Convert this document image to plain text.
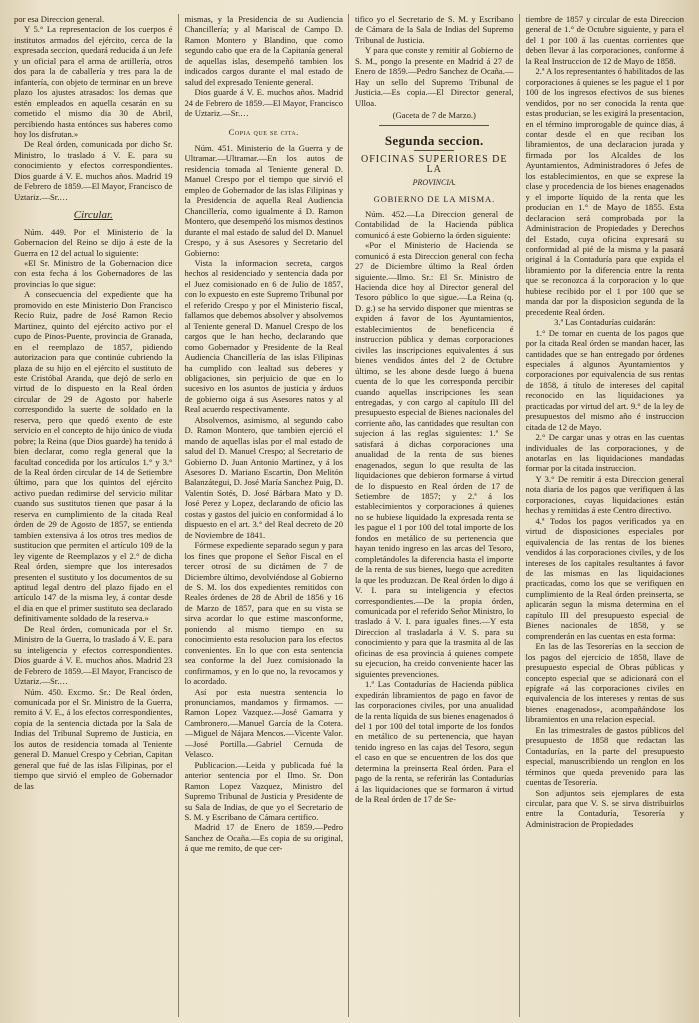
por esa Direccion general.

Y 5.° La representacion de los cuerpos é institutos armados del ejército, cerca de la expresada seccion, quedará reducida á un Jefe y un oficial para el arma de artillería, otros dos para la de caballería y tres para la de infantería, con objeto de terminar en un breve plazo los ajustes atrasados: los demas que estén empleados en aquella cesarán en su cometido el mismo dia 30 de Abril, percibiendo hasta entónces sus haberes como hoy los disfrutan.»

De Real órden, comunicada por dicho Sr. Ministro, lo traslado á V. E. para su conocimiento y efectos correspondientes. Dios guarde á V. E. muchos años. Madrid 19 de Febrero de 1859.—El Mayor, Francisco de Uztariz.—Sr.…

Circular.

Núm. 449. Por el Ministerio de la Gobernacion del Reino se dijo á este de la Guerra en 12 del actual lo siguiente:

«El Sr. Ministro de la Gobernacion dice con esta fecha á los Gobernadores de las provincias lo que sigue:

A consecuencia del expediente que ha promovido en este Ministerio Don Francisco Recio Ruiz, padre de José Ramon Recio Martinez, quinto del ejército activo por el cupo de Pinos-Puente, provincia de Granada, en el reemplazo de 1857, pidiendo autorizacion para que continúe cubriendo la plaza de su hijo en el ejército el sustituto de este Cristóbal Aranda, que dejó de serlo en virtud de lo dispuesto en la Real órden circular de 29 de Agosto por haberle correspondido la suerte de soldado en la reserva, pero que quedó exento de este servicio en el concepto de hijo único de viuda pobre; la Reina (que Dios guarde) ha tenido á bien declarar, como regla general que la facultad concedida por los artículos 1.° y 3.° de la Real órden circular de 14 de Setiembre último, para que los quintos del ejército activo puedan redimirse del servicio militar cuando sus sustitutos tienen que pasar á la reserva en cumplimiento de la citada Real órden de 29 de Agosto de 1857, se entienda tambien extensiva á los otros tres medios de sustitucion que permiten el artículo 109 de la ley vigente de Reemplazos y el 2.° de dicha Real órden, siempre que los interesados presenten el sustituto y los documentos de su aptitud legal dentro del plazo fijado en el artículo 147 de la misma ley, á contar desde el dia en que el primer sustituto sea declarado definitivamente soldado de la reserva.»

De Real órden, comunicada por el Sr. Ministro de la Guerra, lo traslado á V. E. para su inteligencia y efectos correspondientes. Dios guarde á V. E. muchos años. Madrid 23 de Febrero de 1859.—El Mayor, Francisco de Uztariz.—Sr.…

Núm. 450. Excmo. Sr.: De Real órden, comunicada por el Sr. Ministro de la Guerra, remito á V. E., á los efectos correspondientes, copia de la sentencia dictada por la Sala de Indias del Tribunal Supremo de Justicia, en los autos de residencia tomada al Teniente general D. Manuel Crespo y Cebrian, Capitan general que fué de las islas Filipinas, por el tiempo que sirvió el empleo de Gobernador de las

mismas, y la Presidencia de su Audiencia Chancillería; y al Mariscal de Campo D. Ramon Montero y Blandino, que como segundo cabo que era de la Capitanía general de aquellas islas, desempeñó tambien los indicados cargos durante el mal estado de salud del expresado Teniente general.

Dios guarde á V. E. muchos años. Madrid 24 de Febrero de 1859.—El Mayor, Francisco de Uztariz.—Sr.…

Copia que se cita.

Núm. 451. Ministerio de la Guerra y de Ultramar.—Ultramar.—En los autos de residencia tomada al Teniente general D. Manuel Crespo por el tiempo que sirvió el empleo de Gobernador de las islas Filipinas y la Presidencia de aquella Real Audiencia Chancillería, como igualmente á D. Ramon Montero, que desempeñó los mismos destinos durante el mal estado de salud del D. Manuel Crespo, y á sus Asesores y Secretario del Gobierno:

Vista la informacion secreta, cargos hechos al residenciado y sentencia dada por el Juez comisionado en 6 de Julio de 1857, con lo expuesto en este Supremo Tribunal por el referido Crespo y por el Ministerio fiscal, fallamos que debemos absolver y absolvemos al Teniente general D. Manuel Crespo de los cargos que le han hecho, declarando que como Gobernador y Presidente de la Real Audiencia Chancillería de las islas Filipinas ha cumplido con lealtad sus deberes y obligaciones, sin perjuicio de que en lo sucesivo en los asuntos de justicia y árduos de gobierno oiga á sus Asesores natos y al Real acuerdo respectivamente.

Absolvemos, asimismo, al segundo cabo D. Ramon Montero, que tambien ejerció el mando de aquellas islas por el mal estado de salud del D. Manuel Crespo; al Secretario de Gobierno D. Juan Antonio Martinez, y á los Asesores D. Mariano Escartin, Don Melitón Balanzátegui, D. José María Sanchez Puig, D. Valentin Sotés, D. José Bárbara Mato y D. José Perez y Lopez, declarando de oficio las costas y gastos del juicio en conformidad á lo dispuesto en el art. 3.° del Real decreto de 20 de Noviembre de 1841.

Fórmese expediente separado segun y para los fines que propone el Señor Fiscal en el tercer otrosí de su dictámen de 7 de Diciembre último, devolviéndose al Gobierno de S. M. los dos expedientes remitidos con Reales órdenes de 28 de Abril de 1856 y 16 de Marzo de 1857, para que en su vista se sirva acordar lo que estime masconforme, poniendo al mismo tiempo en su conocimiento esta resolucion para los efectos convenientes. En lo que con esta sentencia sea conforme la del Juez comisionado la confirmamos, y en lo que no, la revocamos y lo acordado.

Así por esta nuestra sentencia lo pronunciamos, mandamos y firmamos. —Ramon Lopez Vazquez.—José Gamarra y Cambronero.—Manuel García de la Cotera.—Miguel de Nájara Mencos.—Vicente Valor.—José Portilla.—Gabriel Cernuda de Velasco.

Publicacion.—Leida y publicada fué la anterior sentencia por el Ilmo. Sr. Don Ramon Lopez Vazquez, Ministro del Supremo Tribunal de Justicia y Presidente de su Sala de Indias, de que yo el Secretario de S. M. y Escribano de Cámara certifico.

Madrid 17 de Enero de 1859.—Pedro Sanchez de Ocaña.—Es copia de su original, á que me remito, de que cer-

tifico yo el Secretario de S. M. y Escribano de Cámara de la Sala de Indias del Supremo Tribunal de Justicia.

Y para que conste y remitir al Gobierno de S. M., pongo la presente en Madrid á 27 de Enero de 1859.—Pedro Sanchez de Ocaña.—Hay un sello del Supremo Tribunal de Justicia.—Es copia.—El Director general, Ulloa.

(Gaceta de 7 de Marzo.)
Segunda seccion.
OFICINAS SUPERIORES DE LA
PROVINCIA.
GOBIERNO DE LA MISMA.

Núm. 452.—La Direccion general de Contabilidad de la Hacienda pública comunicó á este Gobierno la órden siguiente:

«Por el Ministerio de Hacienda se comunicó á esta Direccion general con fecha 27 de Diciembre último la Real órden siguiente.—Ilmo. Sr.: El Sr. Ministro de Hacienda dice hoy al Director general del Tesoro público lo que sigue.—La Reina (q. D. g.) se ha servido disponer que mientras se expiden á favor de los Ayuntamientos, establecimientos de beneficencia é instruccion pública y demas corporaciones civiles las inscripciones equivalentes á sus bienes vendidos ántes del 2 de Octubre último, se les abone desde luego á buena cuenta de lo que les corresponda percibir cuando aquellas inscripciones les sean entregadas, y con cargo al capítulo III del presupuesto especial de Bienes nacionales del corriente año, las cantidades que resultan con sujecion á las reglas siguientes: 1.ª Se satisfará á dichas corporaciones una anualidad de la renta de sus bienes enagenados, segun lo que resulta de las liquidaciones que debieron formarse á virtud de lo dispuesto en Real órden de 17 de Setiembre de 1857; y 2.ª á los establecimientos y corporaciones á quienes no se hubiese liquidado la expresada renta se les pague el 1 por 100 del total importe de los fondos en metálico de su pertenencia que hayan tenido ingreso en las arcas del Tesoro, completándoles la diferencia hasta el importe de la renta de sus bienes, luego que acrediten la que les produzcan. De Real órden lo digo á V. I. para su inteligencia y efectos correspondientes.—De la propia órden, comunicada por el referido Señor Ministro, lo traslado á V. I. para iguales fines.—Y esta Direccion al trasladarla á V. S. para su conocimiento y para que la trasmita al de las oficinas de esa provincia á quienes compete su ejecucion, ha creido conveniente hacer las siguientes prevenciones.

1.ª Las Contadurías de Hacienda pública expedirán libramientos de pago en favor de las corporaciones civiles, por una anualidad de la renta líquida de sus bienes enagenados ó del 1 por 100 del total importe de los fondos en metálico de su pertenencia, que hayan tenido ingreso en las cajas del Tesoro, segun el caso en que se encuentren de los dos que determina la preinserta Real órden. Para el pago de la renta, se referirán las Contadurías á las liquidaciones que se formaron á virtud de la Real órden de 17 de Se-

tiembre de 1857 y circular de esta Direccion general de 1.° de Octubre siguiente, y para el del 1 por 100 á las cuentas corrientes que deben llevar á las corporaciones, conforme á la Real Instruccion de 12 de Mayo de 1858.

2.ª A los representantes ó habilitados de las corporaciones á quienes se les pague el 1 por 100 de los ingresos efectivos de sus bienes vendidos, por no ser conocida la renta que estas producian, se les exigirá la presentacion, en el término improrogable de quince dias, á contar desde el en que reciban los libramientos, de una declaracion jurada y firmada por los Alcaldes de los Ayuntamientos, Administradores ó Jefes de los establecimientos, en que se exprese la clase y procedencia de los bienes enagenados y el importe líquido de la renta que les producian en 1.° de Mayo de 1855. Esta declaracion será comprobada por la Administracion de Propiedades y Derechos del Estado, cuya oficina expresará su conformidad al pié de la misma y la pasará original á la Contaduría para que expida el libramiento por la diferencia entre la renta que se reconozca á la corporacion y lo que hubiese recibido por el 1 por 100 que se manda dar por la disposicion segunda de la precedente Real órden.

3.ª Las Contadurías cuidarán:

1.° De tomar en cuenta de los pagos que por la citada Real órden se mandan hacer, las cantidades que se han entregado por órdenes especiales á algunos Ayuntamientos y corporaciones por equivalencia de sus rentas de 1858, á título de intereses del capital reconocido en las liquidaciones ya practicadas por virtud del art. 9.° de la ley de presupuestos del mismo año é instruccion citada de 12 de Mayo.

2.° De cargar unas y otras en las cuentas individuales de las corporaciones, y de anotarlas en las liquidaciones mandadas formar por la citada instruccion.

Y 3.° De remitir á esta Direccion general nota diaria de los pagos que verifiquen á las corporaciones, cuyas liquidaciones están hechas y remitidas á este Centro directivo.

4.ª Todos los pagos verificados ya en virtud de disposiciones especiales por equivalencia de las rentas de los bienes vendidos á las corporaciones civiles, y de los intereses de los capitales resultantes á favor de las mismas en las liquidaciones practicadas, como los que se verifiquen en cumplimiento de la Real órden preinserta, se aplicarán segun la misma determina en el capítulo III del presupuesto especial de Bienes nacionales de 1858, y se comprenderán en las cuentas en esta forma:

En las de las Tesorerías en la seccion de los pagos del ejercicio de 1858, llave de presupuesto especial de Obras públicas y concepto especial que se adicionará con el epígrafe «á las corporaciones civiles en equivalencia de los intereses y rentas de sus bienes enagenados», acompañándose los libramientos en una relacion especial.

En las trimestrales de gastos públicos del presupuesto de 1858 que redactan las Contadurías, en la parte del presupuesto especial, manuscribiendo un renglon en los términos que queda prevenido para las cuentas de Tesorería.

Son adjuntos seis ejemplares de esta circular, para que V. S. se sirva distribuirlos entre la Contaduría, Tesorería y Administracion de Propiedades
